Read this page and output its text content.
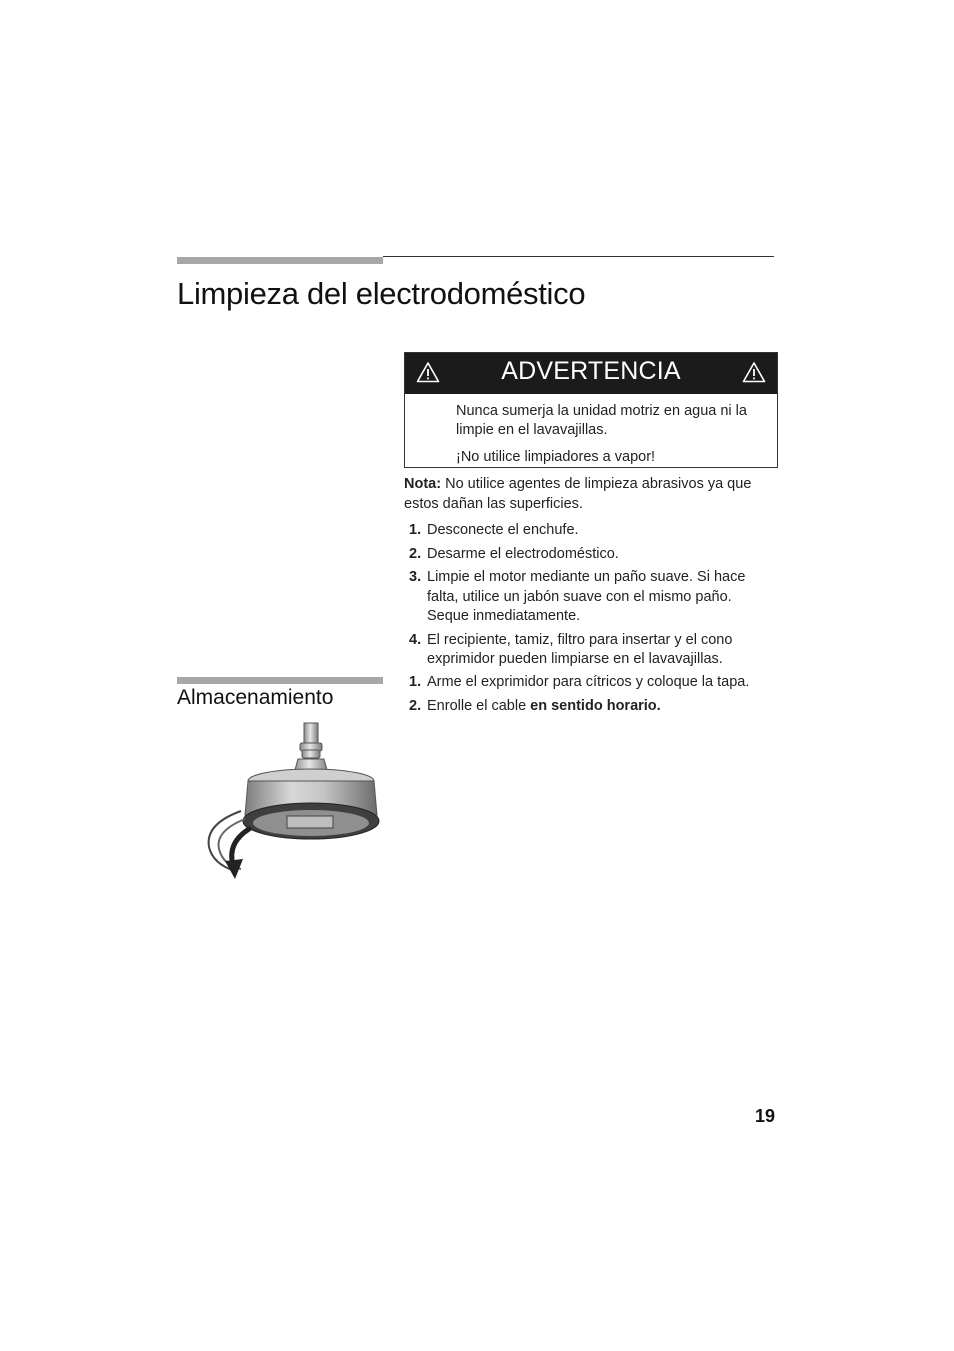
Limpieza del electrodoméstico
ADVERTENCIA

Nunca sumerja la unidad motriz en agua ni la limpie en el lavavajillas.

¡No utilice limpiadores a vapor!

Nota: No utilice agentes de limpieza abrasivos ya que estos dañan las superficies.
1. Desconecte el enchufe.
2. Desarme el electrodoméstico.
3. Limpie el motor mediante un paño suave. Si hace falta, utilice un jabón suave con el mismo paño. Seque inmediatamente.
4. El recipiente, tamiz, filtro para insertar y el cono exprimidor pueden limpiarse en el lavavajillas.
Almacenamiento
1. Arme el exprimidor para cítricos y coloque la tapa.
2. Enrolle el cable en sentido horario.
19
